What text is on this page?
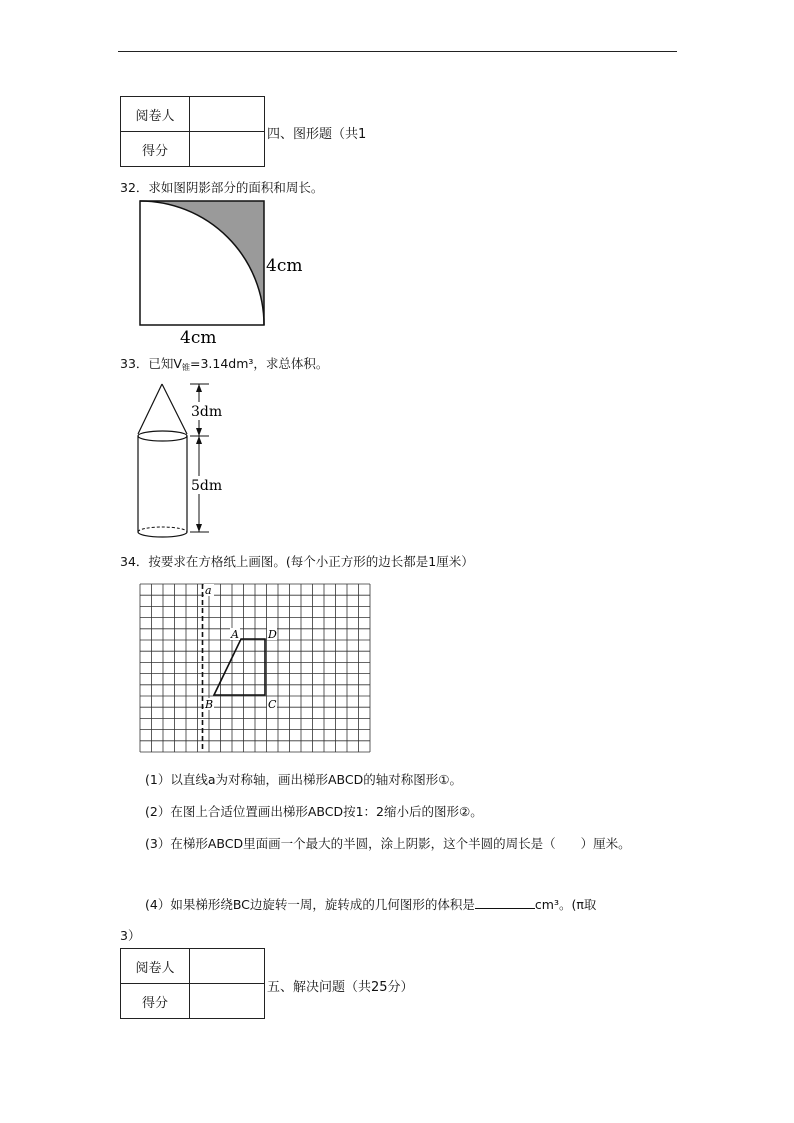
阅卷人	
得分	
四、图形题（共1
32．求如图阴影部分的面积和周长。
4cm
4cm
33．已知V锥=3.14dm³，求总体积。
3dm
5dm
34．按要求在方格纸上画图。(每个小正方形的边长都是1厘米）
a
A	D
B	C
(1）以直线a为对称轴，画出梯形ABCD的轴对称图形①。
(2）在图上合适位置画出梯形ABCD按1：2缩小后的图形②。
(3）在梯形ABCD里面画一个最大的半圆，涂上阴影，这个半圆的周长是（　　）厘米。
(4）如果梯形绕BC边旋转一周，旋转成的几何图形的体积是	cm³。(π取
3）
阅卷人	
得分	
五、解决问题（共25分）
